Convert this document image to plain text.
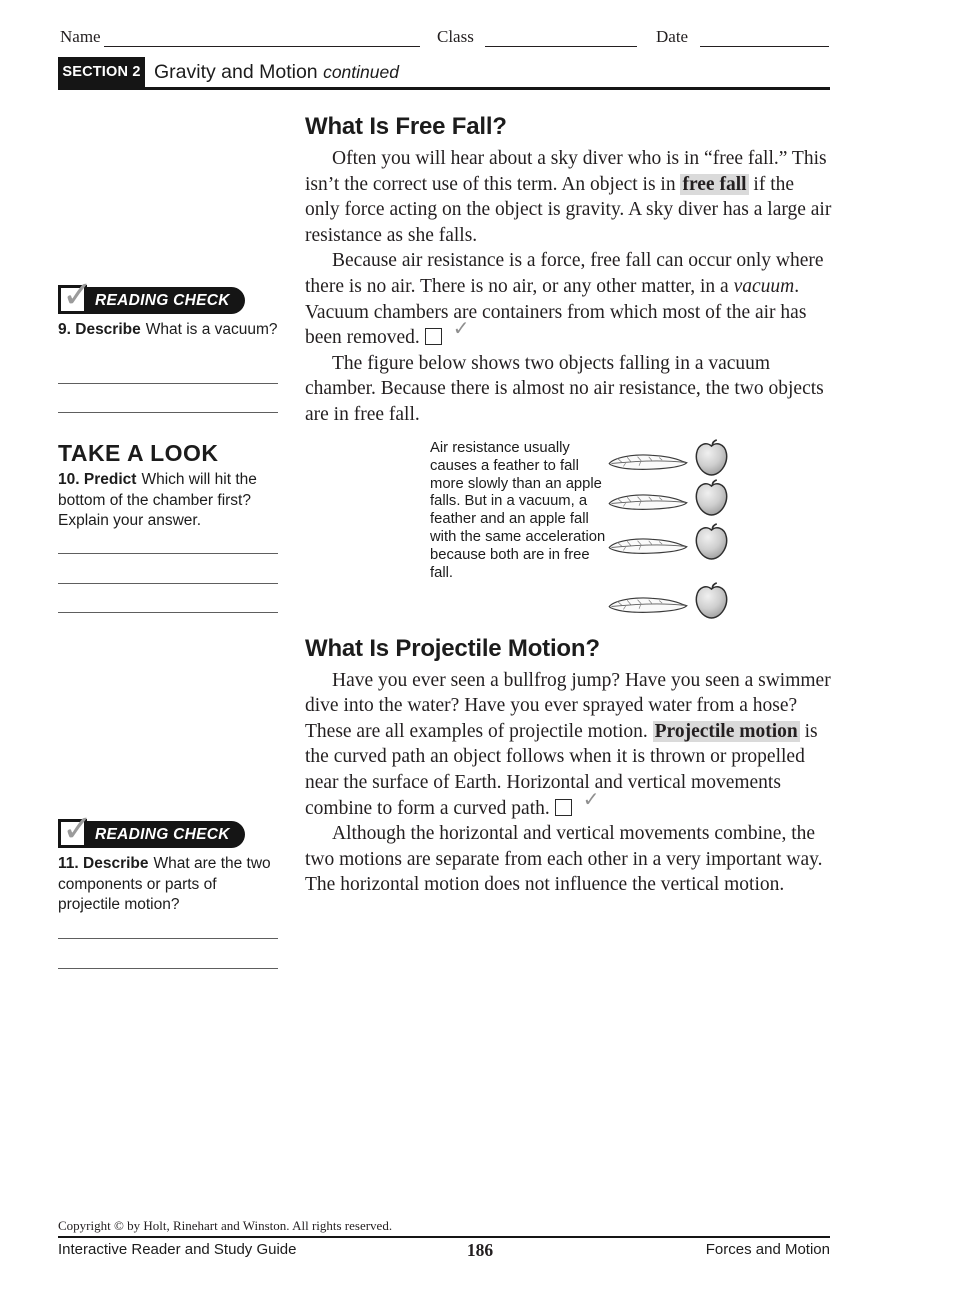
Name	Class	Date
SECTION 2 Gravity and Motion continued
✓ READING CHECK
9. Describe What is a vacuum?
TAKE A LOOK
10. Predict Which will hit the bottom of the chamber first? Explain your answer.
✓ READING CHECK
11. Describe What are the two components or parts of projectile motion?
What Is Free Fall?

Often you will hear about a sky diver who is in “free fall.” This isn’t the correct use of this term. An object is in free fall if the only force acting on the object is gravity. A sky diver has a large air resistance as she falls.

Because air resistance is a force, free fall can occur only where there is no air. There is no air, or any other matter, in a vacuum. Vacuum chambers are containers from which most of the air has been removed.	✓

The figure below shows two objects falling in a vacuum chamber. Because there is almost no air resistance, the two objects are in free fall.

What Is Projectile Motion?

Have you ever seen a bullfrog jump? Have you seen a swimmer dive into the water? Have you ever sprayed water from a hose? These are all examples of projectile motion. Projectile motion is the curved path an object follows when it is thrown or propelled near the surface of Earth. Horizontal and vertical movements combine to form a curved path.	✓

Although the horizontal and vertical movements combine, the two motions are separate from each other in a very important way. The horizontal motion does not influence the vertical motion.

Air resistance usually causes a feather to fall more slowly than an apple falls. But in a vacuum, a feather and an apple fall with the same acceleration because both are in free fall.
Copyright © by Holt, Rinehart and Winston. All rights reserved.
Interactive Reader and Study Guide	186	Forces and Motion
